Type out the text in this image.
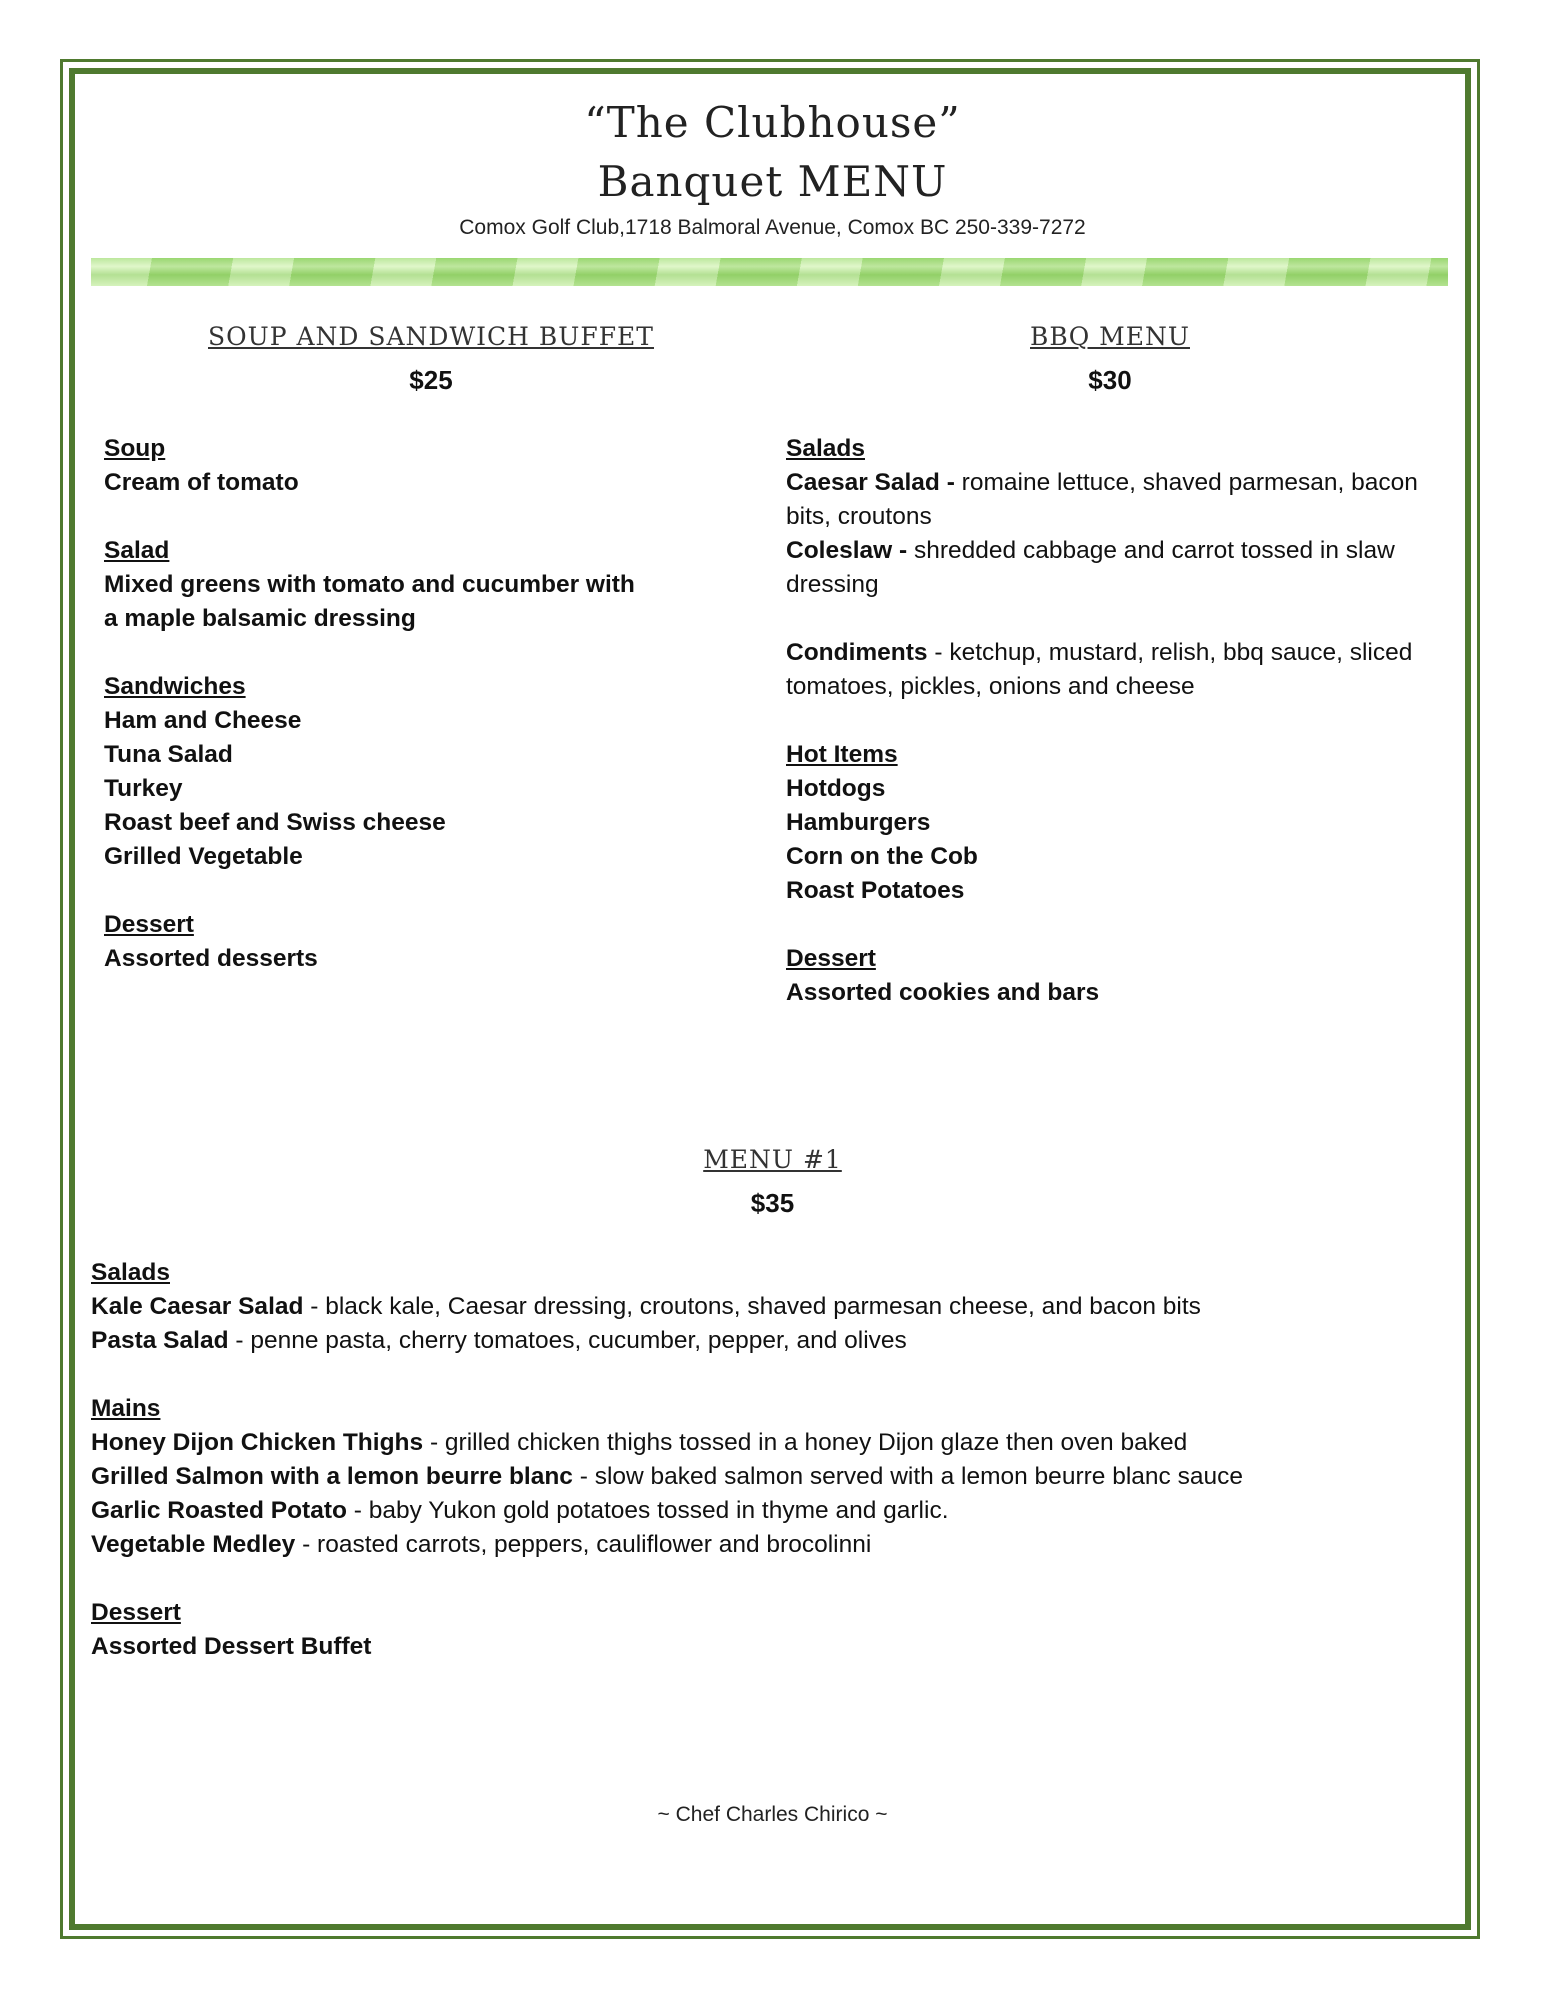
“The Clubhouse”
Banquet MENU
Comox Golf Club,1718 Balmoral Avenue, Comox BC 250-339-7272
SOUP AND SANDWICH BUFFET
$25
Soup
Cream of tomato
Salad
Mixed greens with tomato and cucumber with
a maple balsamic dressing
Sandwiches
Ham and Cheese
Tuna Salad
Turkey
Roast beef and Swiss cheese
Grilled Vegetable
Dessert
Assorted desserts
BBQ MENU
$30
Salads
Caesar Salad - romaine lettuce, shaved parmesan, bacon
bits, croutons
Coleslaw - shredded cabbage and carrot tossed in slaw
dressing
Condiments - ketchup, mustard, relish, bbq sauce, sliced
tomatoes, pickles, onions and cheese
Hot Items
Hotdogs
Hamburgers
Corn on the Cob
Roast Potatoes
Dessert
Assorted cookies and bars
MENU #1
$35
Salads
Kale Caesar Salad - black kale, Caesar dressing, croutons, shaved parmesan cheese, and bacon bits
Pasta Salad - penne pasta, cherry tomatoes, cucumber, pepper, and olives
Mains
Honey Dijon Chicken Thighs - grilled chicken thighs tossed in a honey Dijon glaze then oven baked
Grilled Salmon with a lemon beurre blanc - slow baked salmon served with a lemon beurre blanc sauce
Garlic Roasted Potato - baby Yukon gold potatoes tossed in thyme and garlic.
Vegetable Medley - roasted carrots, peppers, cauliflower and brocolinni
Dessert
Assorted Dessert Buffet
~ Chef Charles Chirico ~
